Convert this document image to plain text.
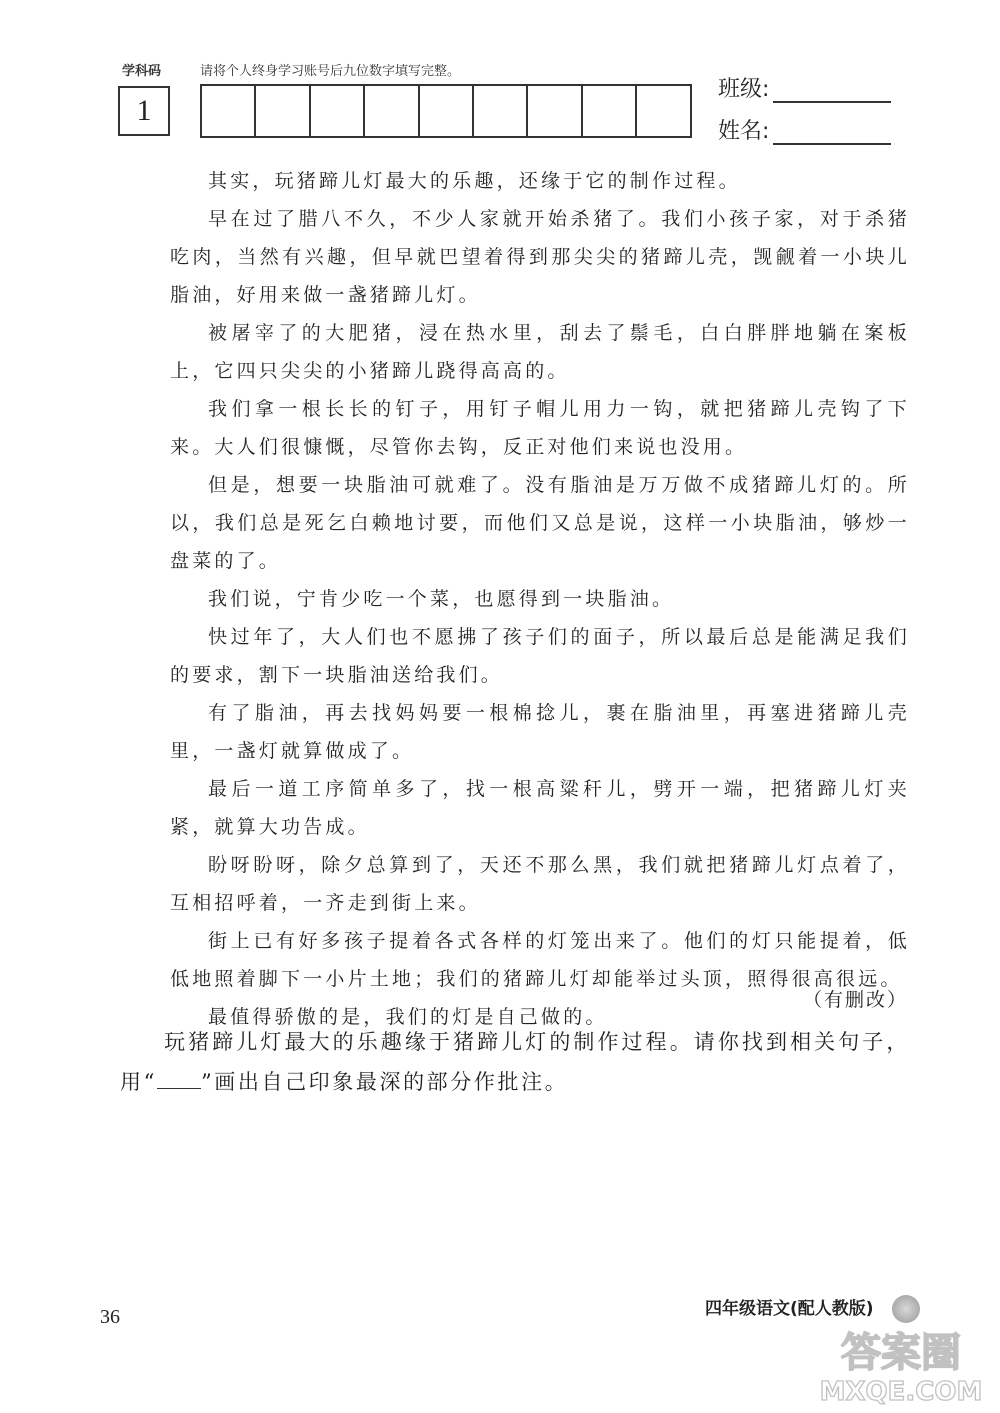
学科码	请将个人终身学习账号后九位数字填写完整。
1
班级:
姓名:

其实，玩猪蹄儿灯最大的乐趣，还缘于它的制作过程。

早在过了腊八不久，不少人家就开始杀猪了。我们小孩子家，对于杀猪吃肉，当然有兴趣，但早就巴望着得到那尖尖的猪蹄儿壳，觊觎着一小块儿脂油，好用来做一盏猪蹄儿灯。

被屠宰了的大肥猪，浸在热水里，刮去了鬃毛，白白胖胖地躺在案板上，它四只尖尖的小猪蹄儿跷得高高的。

我们拿一根长长的钉子，用钉子帽儿用力一钩，就把猪蹄儿壳钩了下来。大人们很慷慨，尽管你去钩，反正对他们来说也没用。

但是，想要一块脂油可就难了。没有脂油是万万做不成猪蹄儿灯的。所以，我们总是死乞白赖地讨要，而他们又总是说，这样一小块脂油，够炒一盘菜的了。

我们说，宁肯少吃一个菜，也愿得到一块脂油。

快过年了，大人们也不愿拂了孩子们的面子，所以最后总是能满足我们的要求，割下一块脂油送给我们。

有了脂油，再去找妈妈要一根棉捻儿，裹在脂油里，再塞进猪蹄儿壳里，一盏灯就算做成了。

最后一道工序简单多了，找一根高粱秆儿，劈开一端，把猪蹄儿灯夹紧，就算大功告成。

盼呀盼呀，除夕总算到了，天还不那么黑，我们就把猪蹄儿灯点着了，互相招呼着，一齐走到街上来。

街上已有好多孩子提着各式各样的灯笼出来了。他们的灯只能提着，低低地照着脚下一小片土地；我们的猪蹄儿灯却能举过头顶，照得很高很远。

最值得骄傲的是，我们的灯是自己做的。

（有删改）

玩猪蹄儿灯最大的乐趣缘于猪蹄儿灯的制作过程。请你找到相关句子，用“ ”画出自己印象最深的部分作批注。

36	四年级语文(配人教版)
答案圈
MXQE.COM
